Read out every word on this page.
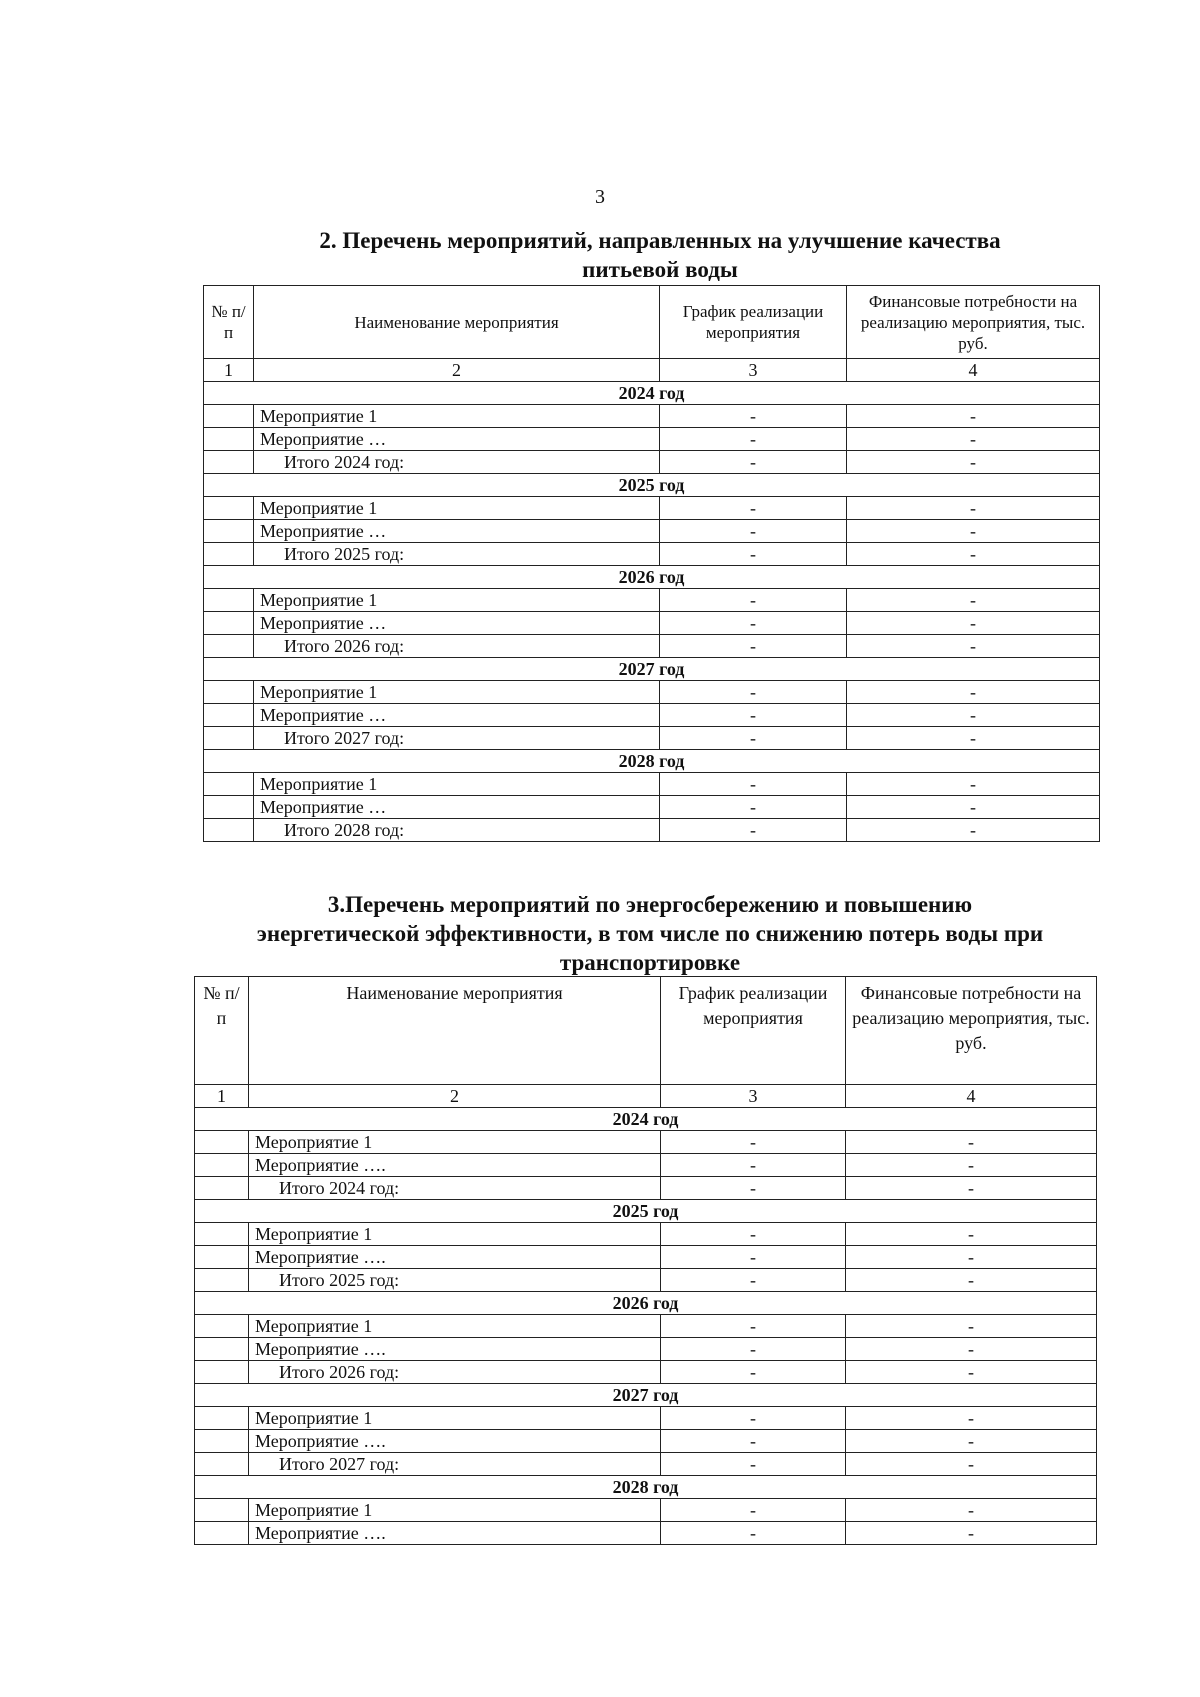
3
2. Перечень мероприятий, направленных на улучшение качества
питьевой воды
№ п/п	Наименование мероприятия	График реализации мероприятия	Финансовые потребности на реализацию мероприятия, тыс. руб.
1	2	3	4
2024 год			
	Мероприятие 1	-	-
	Мероприятие …	-	-
	Итого 2024 год:	-	-
2025 год			
	Мероприятие 1	-	-
	Мероприятие …	-	-
	Итого 2025 год:	-	-
2026 год			
	Мероприятие 1	-	-
	Мероприятие …	-	-
	Итого 2026 год:	-	-
2027 год			
	Мероприятие 1	-	-
	Мероприятие …	-	-
	Итого 2027 год:	-	-
2028 год			
	Мероприятие 1	-	-
	Мероприятие …	-	-
	Итого 2028 год:	-	-
3.Перечень мероприятий по энергосбережению и повышению
энергетической эффективности, в том числе по снижению потерь воды при
транспортировке
№ п/п	Наименование мероприятия	График реализации мероприятия	Финансовые потребности на реализацию мероприятия, тыс. руб.
1	2	3	4
2024 год			
	Мероприятие 1	-	-
	Мероприятие ….	-	-
	Итого 2024 год:	-	-
2025 год			
	Мероприятие 1	-	-
	Мероприятие ….	-	-
	Итого 2025 год:	-	-
2026 год			
	Мероприятие 1	-	-
	Мероприятие ….	-	-
	Итого 2026 год:	-	-
2027 год			
	Мероприятие 1	-	-
	Мероприятие ….	-	-
	Итого 2027 год:	-	-
2028 год			
	Мероприятие 1	-	-
	Мероприятие ….	-	-
